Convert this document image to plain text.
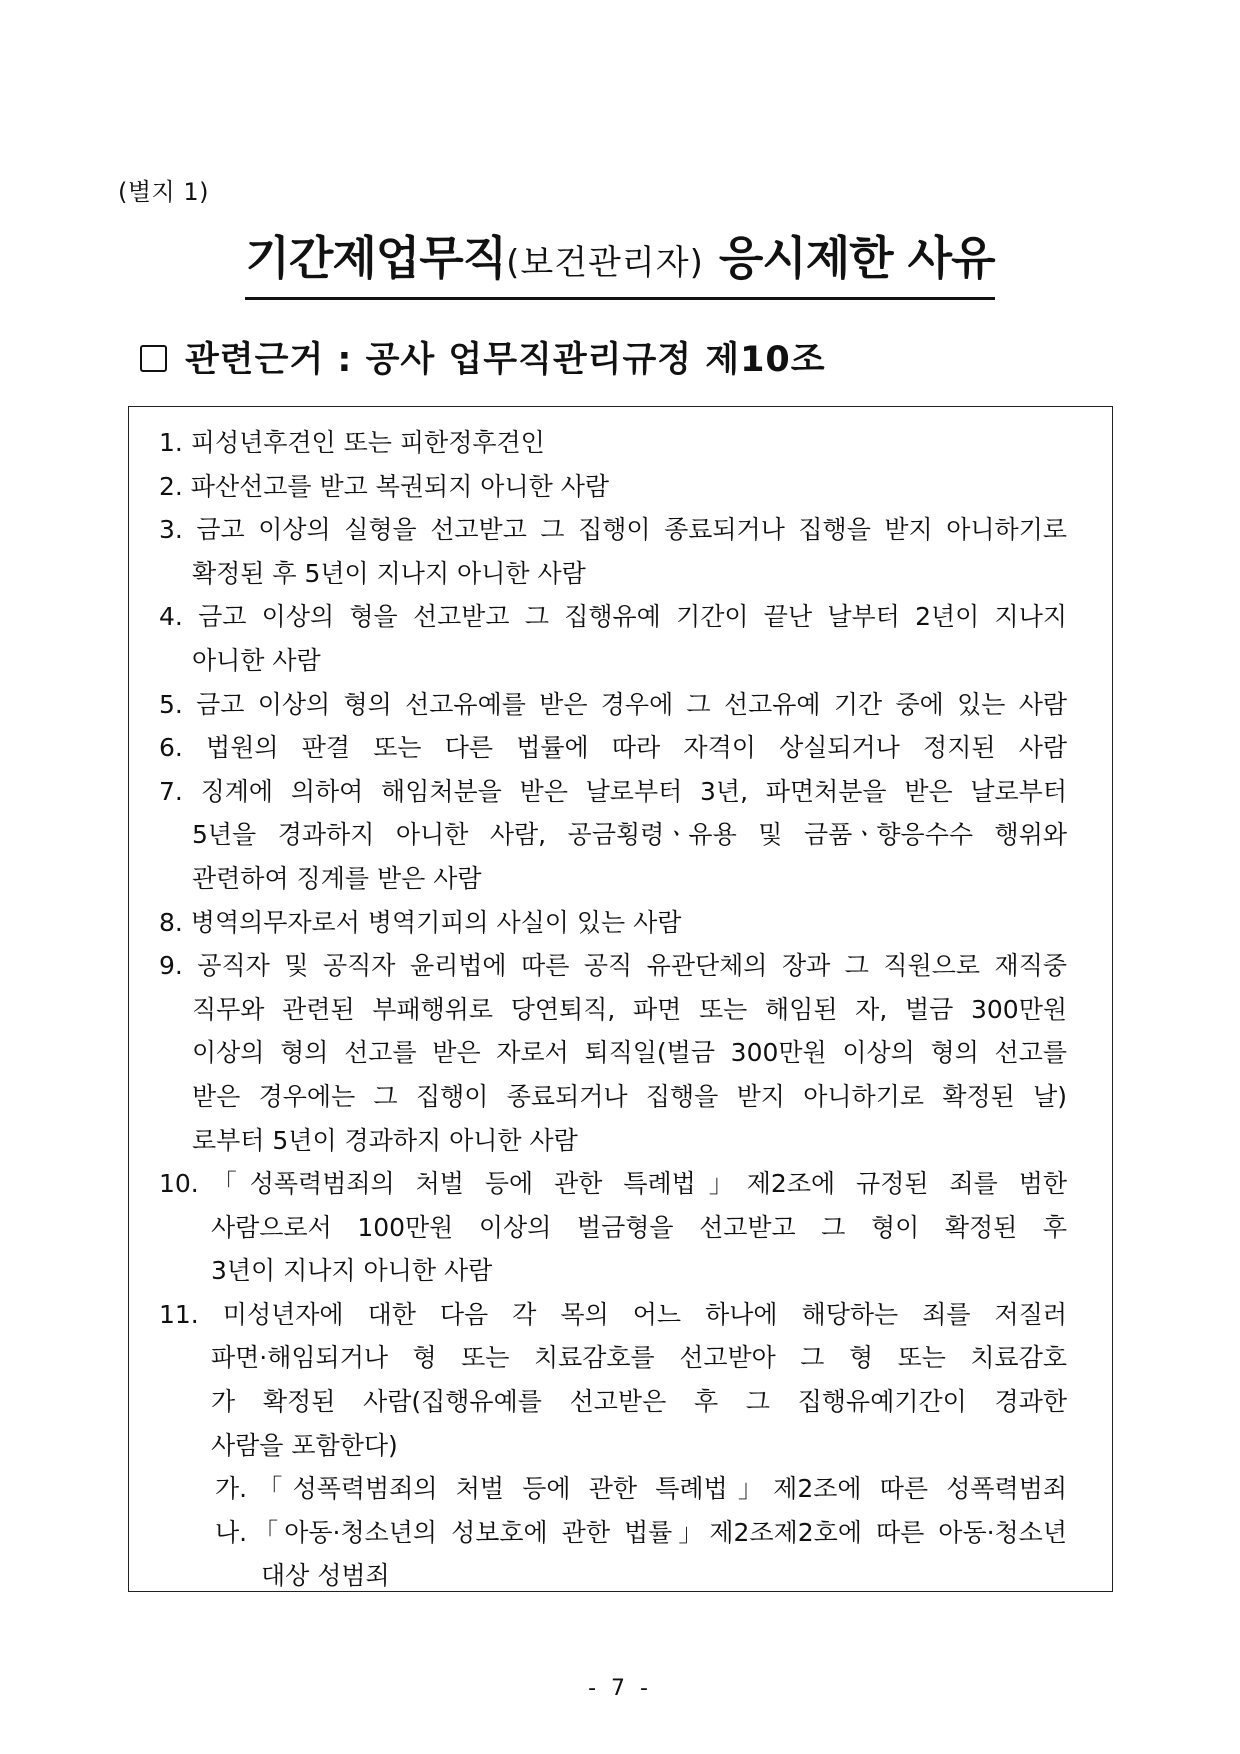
(별지 1)
기간제업무직(보건관리자) 응시제한 사유
관련근거 : 공사 업무직관리규정 제10조
1. 피성년후견인 또는 피한정후견인
2. 파산선고를 받고 복권되지 아니한 사람
3. 금고 이상의 실형을 선고받고 그 집행이 종료되거나 집행을 받지 아니하기로
확정된 후 5년이 지나지 아니한 사람
4. 금고 이상의 형을 선고받고 그 집행유예 기간이 끝난 날부터 2년이 지나지
아니한 사람
5. 금고 이상의 형의 선고유예를 받은 경우에 그 선고유예 기간 중에 있는 사람
6. 법원의 판결 또는 다른 법률에 따라 자격이 상실되거나 정지된 사람
7. 징계에 의하여 해임처분을 받은 날로부터 3년, 파면처분을 받은 날로부터
5년을 경과하지 아니한 사람, 공금횡령ㆍ유용 및 금품ㆍ향응수수 행위와
관련하여 징계를 받은 사람
8. 병역의무자로서 병역기피의 사실이 있는 사람
9. 공직자 및 공직자 윤리법에 따른 공직 유관단체의 장과 그 직원으로 재직중
직무와 관련된 부패행위로 당연퇴직, 파면 또는 해임된 자, 벌금 300만원
이상의 형의 선고를 받은 자로서 퇴직일(벌금 300만원 이상의 형의 선고를
받은 경우에는 그 집행이 종료되거나 집행을 받지 아니하기로 확정된 날)
로부터 5년이 경과하지 아니한 사람
10.「성폭력범죄의 처벌 등에 관한 특례법」제2조에 규정된 죄를 범한
사람으로서 100만원 이상의 벌금형을 선고받고 그 형이 확정된 후
3년이 지나지 아니한 사람
11. 미성년자에 대한 다음 각 목의 어느 하나에 해당하는 죄를 저질러
파면·해임되거나 형 또는 치료감호를 선고받아 그 형 또는 치료감호
가 확정된 사람(집행유예를 선고받은 후 그 집행유예기간이 경과한
사람을 포함한다)
가.「성폭력범죄의 처벌 등에 관한 특례법」제2조에 따른 성폭력범죄
나.「아동·청소년의 성보호에 관한 법률」제2조제2호에 따른 아동·청소년
대상 성범죄
- 7 -
